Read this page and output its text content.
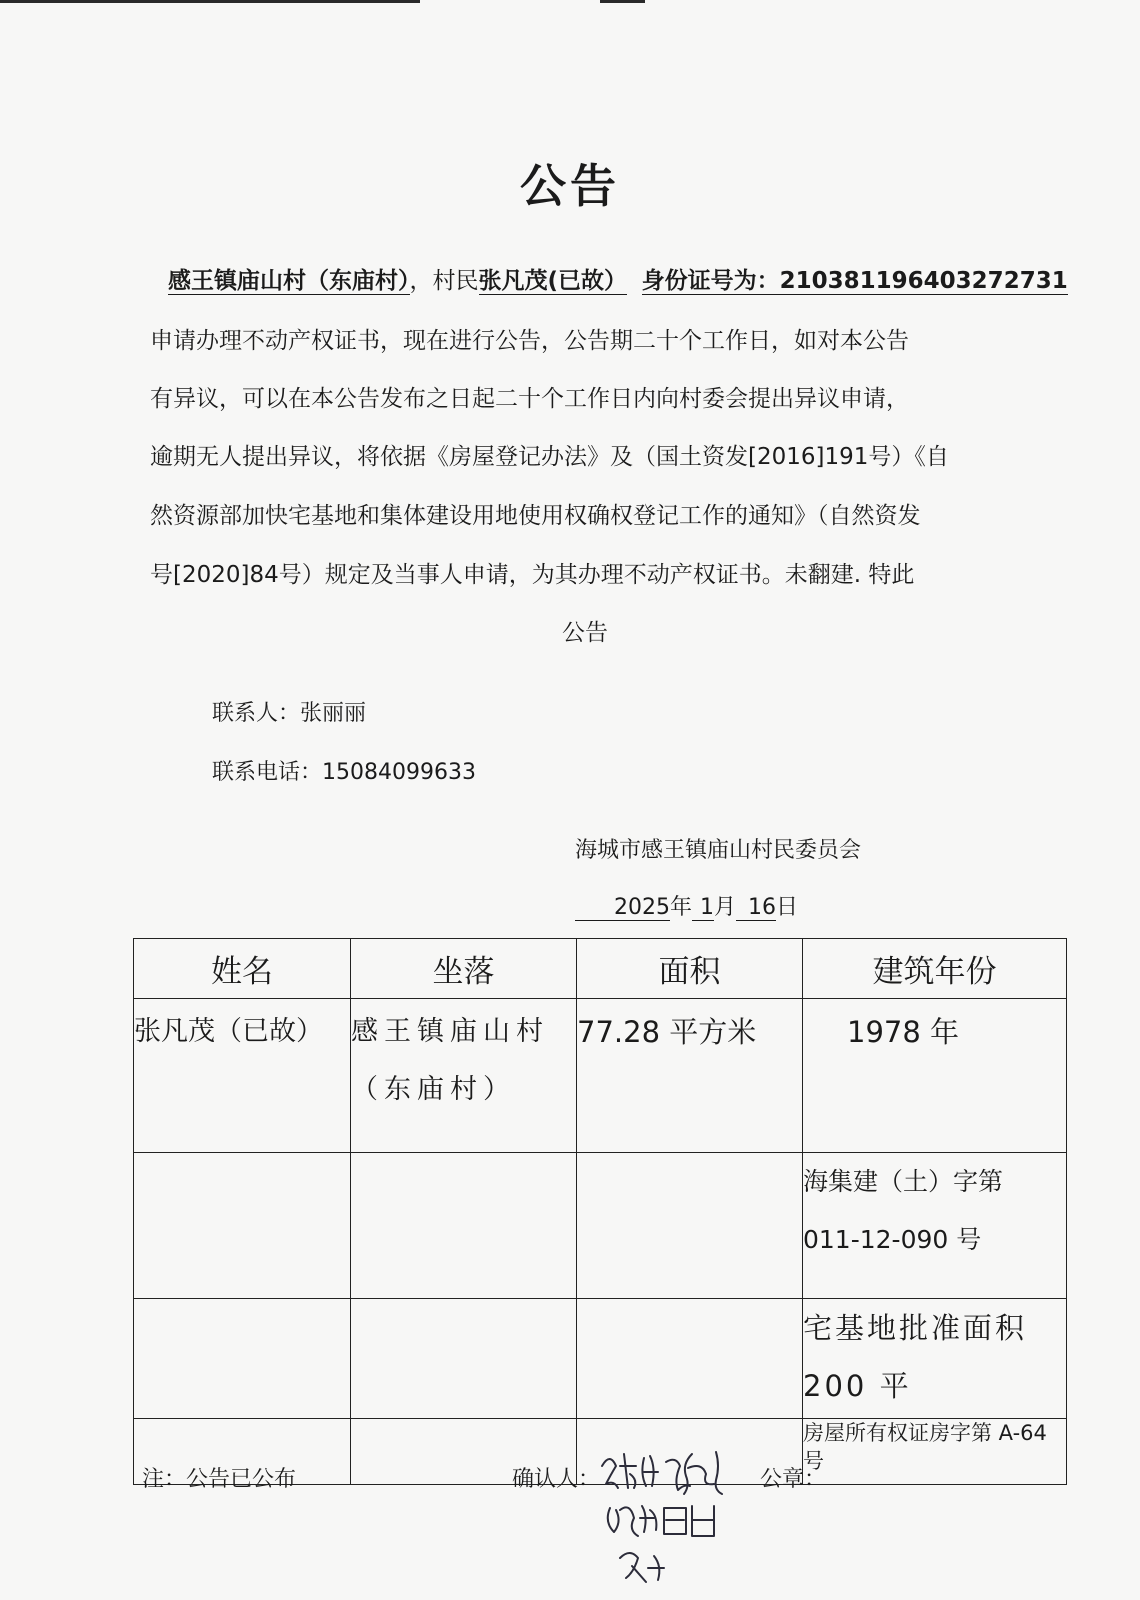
公告
感王镇庙山村（东庙村），村民张凡茂(已故） 身份证号为：210381196403272731
申请办理不动产权证书，现在进行公告，公告期二十个工作日，如对本公告
有异议，可以在本公告发布之日起二十个工作日内向村委会提出异议申请，
逾期无人提出异议，将依据《房屋登记办法》及（国土资发[2016]191号）《自
然资源部加快宅基地和集体建设用地使用权确权登记工作的通知》（自然资发
号[2020]84号）规定及当事人申请，为其办理不动产权证书。未翻建. 特此
公告
联系人：张丽丽
联系电话：15084099633
海城市感王镇庙山村民委员会
2025年 1月 16日
姓名	坐落	面积	建筑年份
张凡茂（已故）	感王镇庙山村（东庙村）	77.28 平方米	1978 年
			海集建（土）字第 011-12-090 号
			宅基地批准面积 200 平
			房屋所有权证房字第 A-64 号
注：公告已公布	确认人：	公章：
